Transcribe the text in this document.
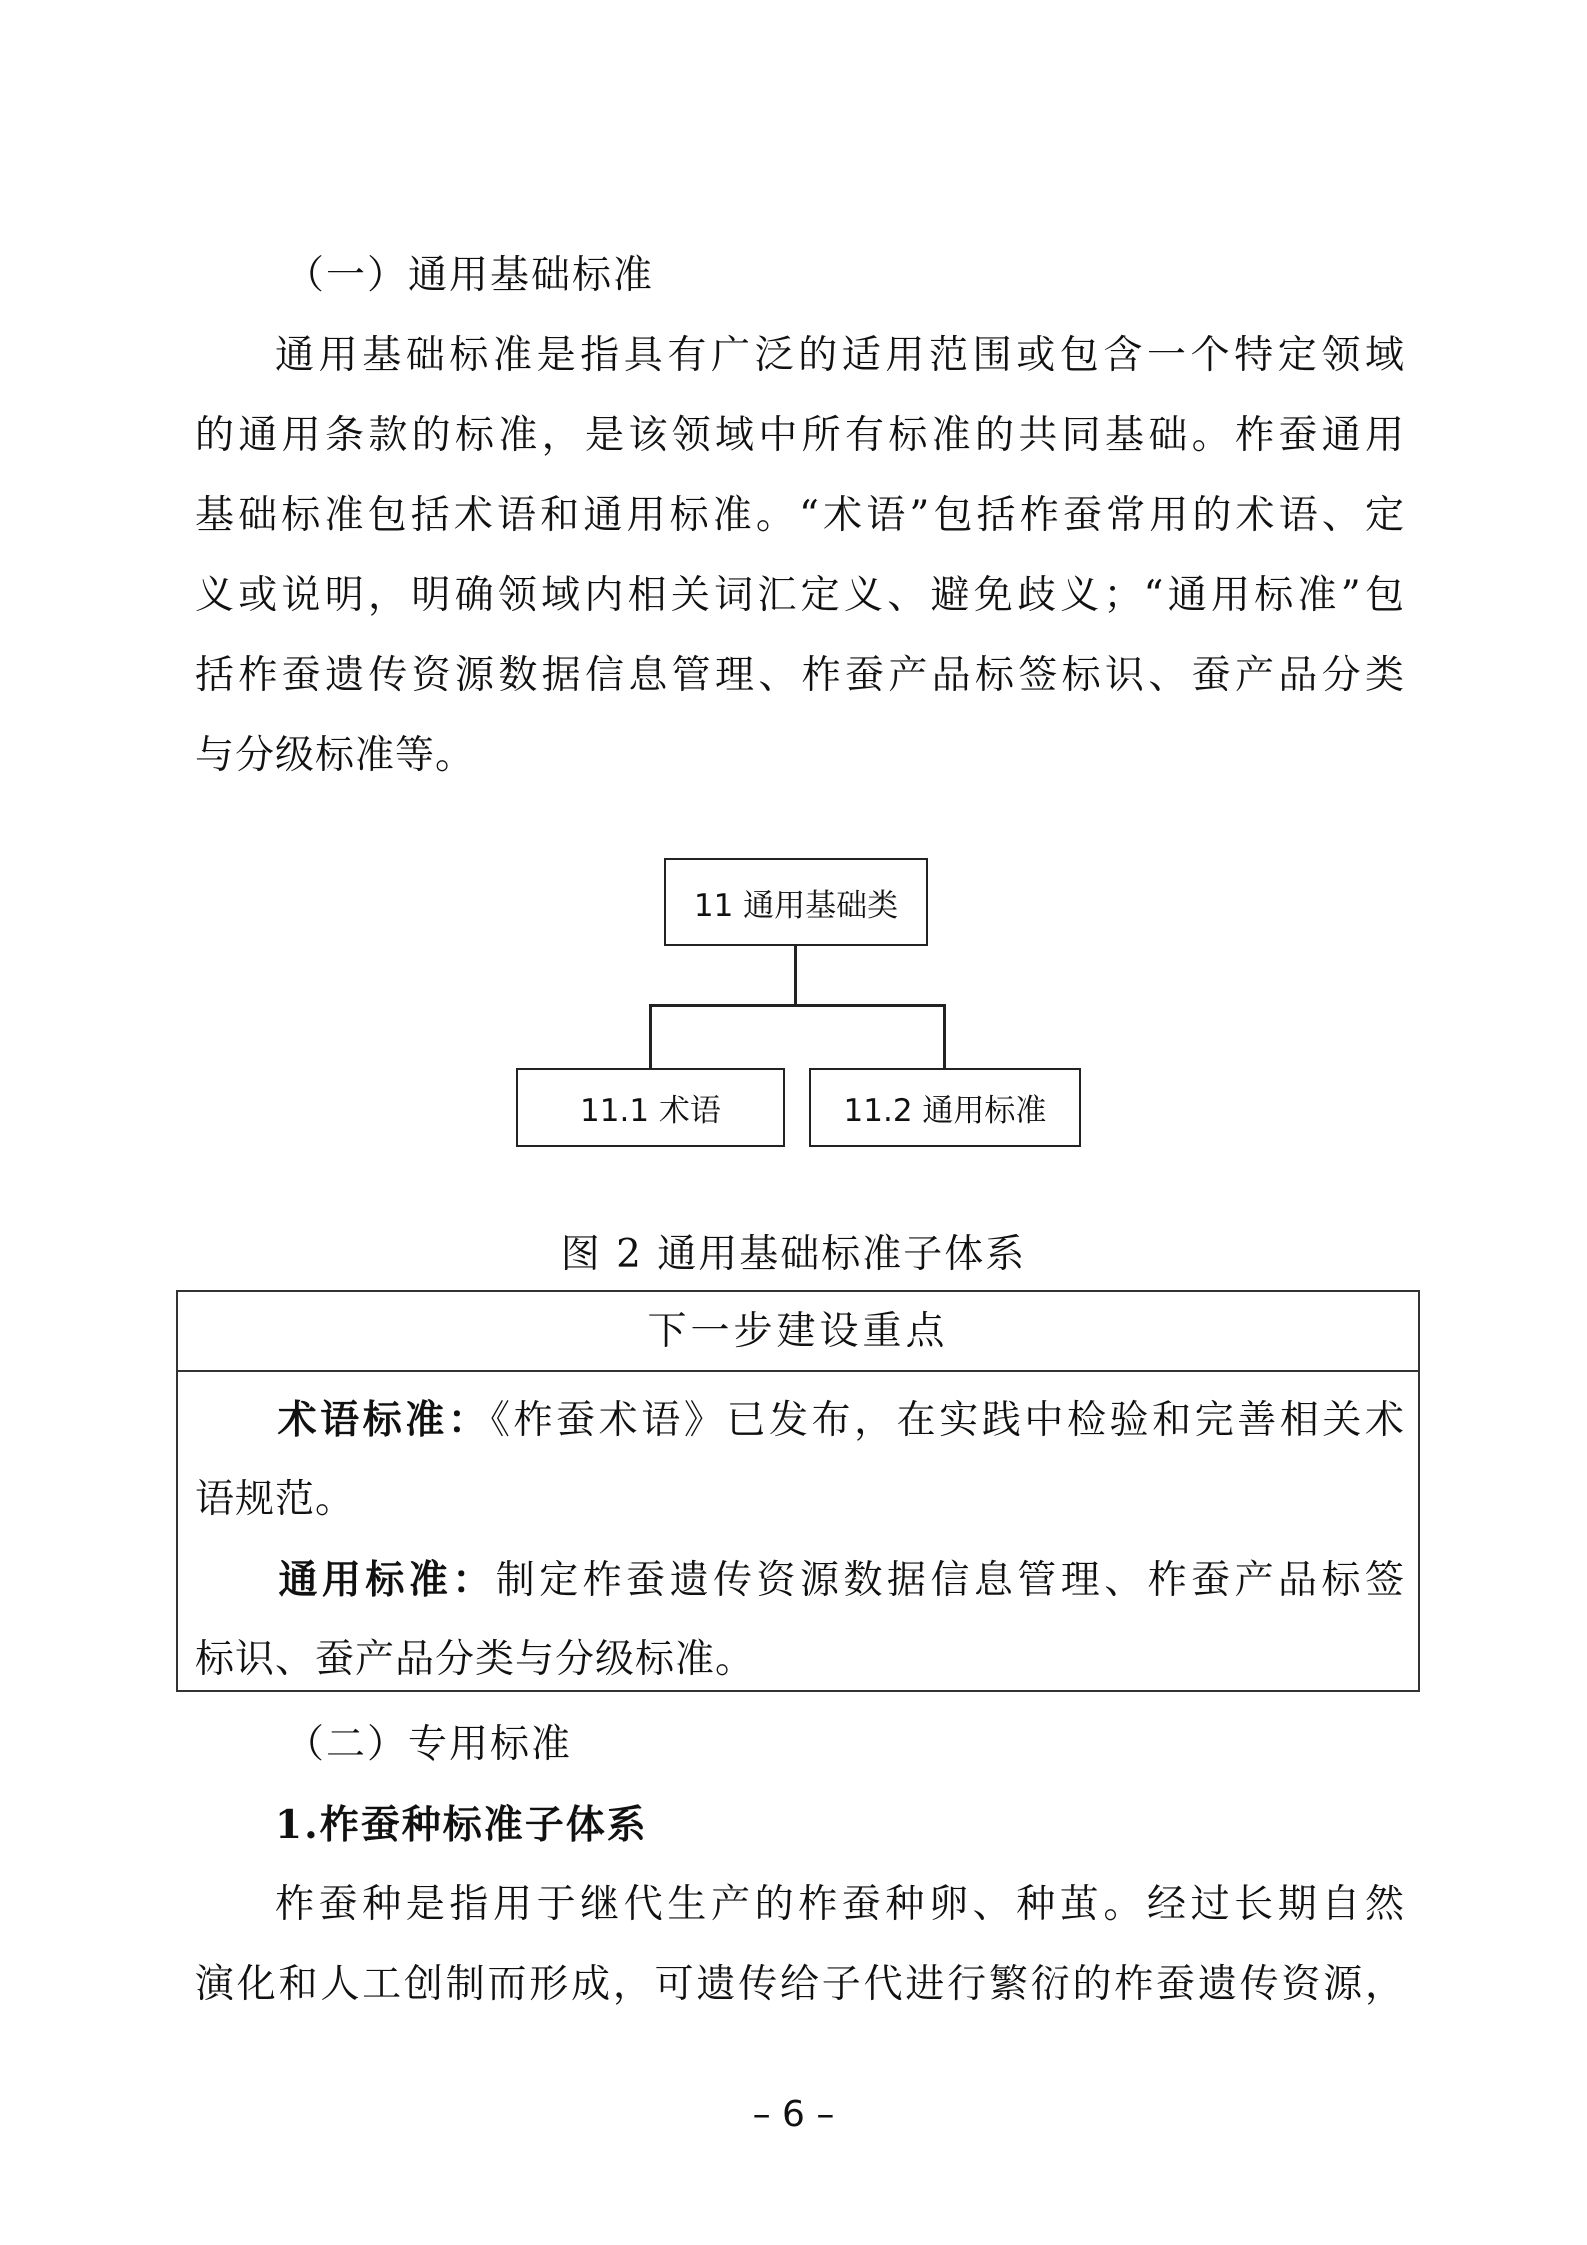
（一）通用基础标准
通用基础标准是指具有广泛的适用范围或包含一个特定领域
的通用条款的标准，是该领域中所有标准的共同基础。柞蚕通用
基础标准包括术语和通用标准。“术语”包括柞蚕常用的术语、定
义或说明，明确领域内相关词汇定义、避免歧义；“通用标准”包
括柞蚕遗传资源数据信息管理、柞蚕产品标签标识、蚕产品分类
与分级标准等。
11 通用基础类
11.1 术语	11.2 通用标准
图 2 通用基础标准子体系
下一步建设重点
术语标准：《柞蚕术语》已发布，在实践中检验和完善相关术
语规范。
通用标准：制定柞蚕遗传资源数据信息管理、柞蚕产品标签
标识、蚕产品分类与分级标准。
（二）专用标准
1.柞蚕种标准子体系
柞蚕种是指用于继代生产的柞蚕种卵、种茧。经过长期自然
演化和人工创制而形成，可遗传给子代进行繁衍的柞蚕遗传资源，
– 6 –
